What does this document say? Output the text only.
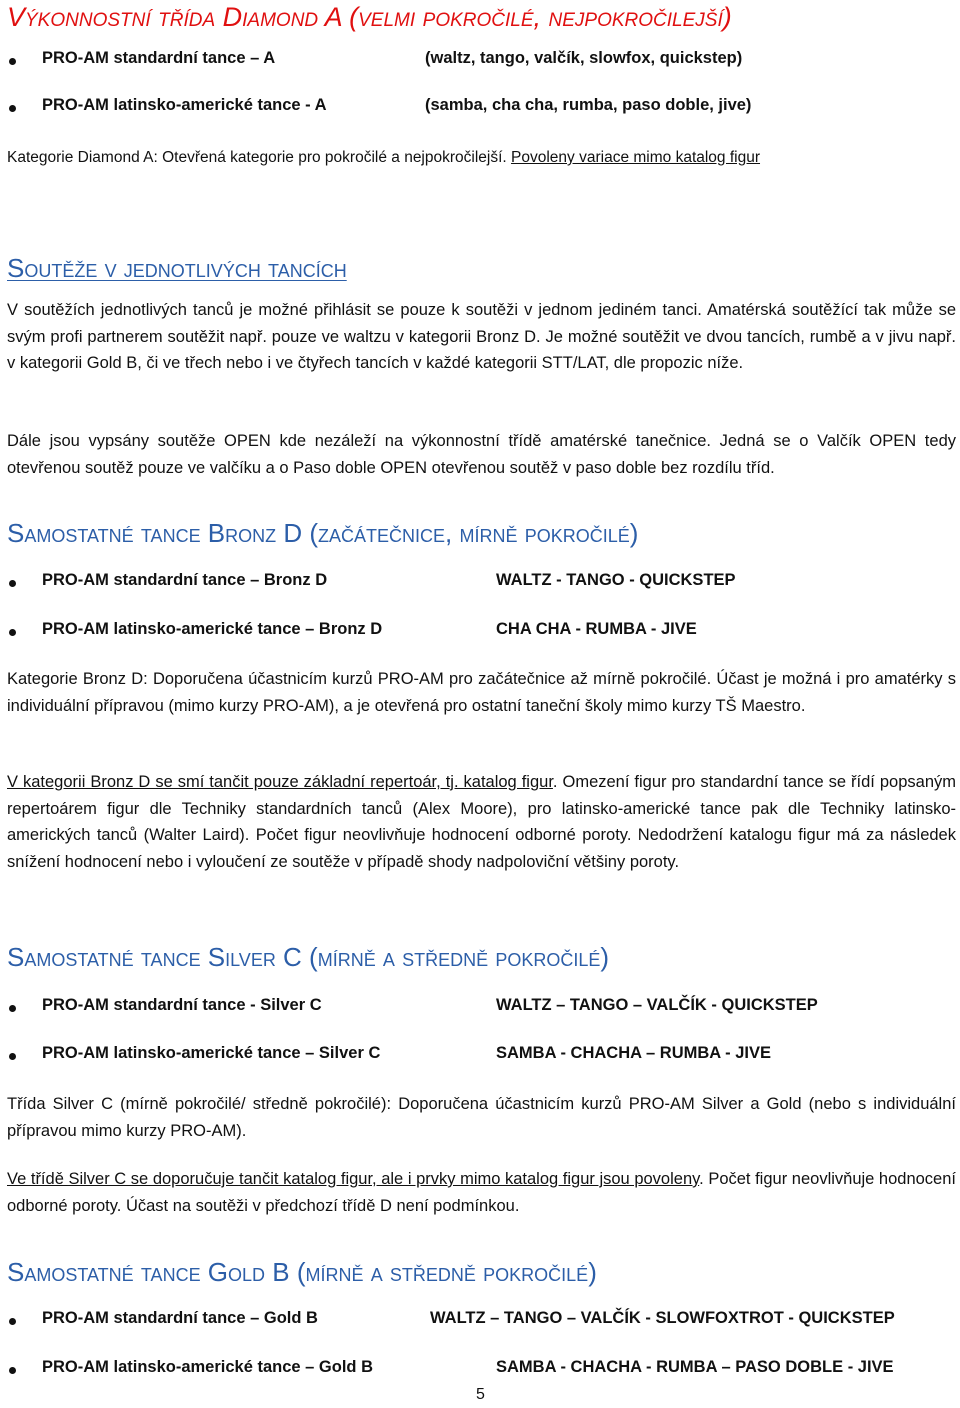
Výkonnostní třída Diamond A (velmi pokročilé, nejpokročilejší)
PRO-AM standardní tance – A	(waltz, tango, valčík, slowfox, quickstep)
PRO-AM latinsko-americké tance - A	(samba, cha cha, rumba, paso doble, jive)
Kategorie Diamond A: Otevřená kategorie pro pokročilé a nejpokročilejší. Povoleny variace mimo katalog figur
Soutěže v jednotlivých tancích
V soutěžích jednotlivých tanců je možné přihlásit se pouze k soutěži v jednom jediném tanci. Amatérská soutěžící tak může se svým profi partnerem soutěžit např. pouze ve waltzu v kategorii Bronz D. Je možné soutěžit ve dvou tancích, rumbě a v jivu např. v kategorii Gold B, či ve třech nebo i ve čtyřech tancích v každé kategorii STT/LAT, dle propozic níže.
Dále jsou vypsány soutěže OPEN kde nezáleží na výkonnostní třídě amatérské tanečnice. Jedná se o Valčík OPEN tedy otevřenou soutěž pouze ve valčíku a o Paso doble OPEN otevřenou soutěž v paso doble bez rozdílu tříd.
Samostatné tance Bronz D (začátečnice, mírně pokročilé)
PRO-AM standardní tance – Bronz D	WALTZ - TANGO - QUICKSTEP
PRO-AM latinsko-americké tance – Bronz D	CHA CHA - RUMBA - JIVE
Kategorie Bronz D: Doporučena účastnicím kurzů PRO-AM pro začátečnice až mírně pokročilé. Účast je možná i pro amatérky s individuální přípravou (mimo kurzy PRO-AM), a je otevřená pro ostatní taneční školy mimo kurzy TŠ Maestro.
V kategorii Bronz D se smí tančit pouze základní repertoár, tj. katalog figur. Omezení figur pro standardní tance se řídí popsaným repertoárem figur dle Techniky standardních tanců (Alex Moore), pro latinsko-americké tance pak dle Techniky latinsko-amerických tanců (Walter Laird). Počet figur neovlivňuje hodnocení odborné poroty. Nedodržení katalogu figur má za následek snížení hodnocení nebo i vyloučení ze soutěže v případě shody nadpoloviční většiny poroty.
Samostatné tance Silver C (mírně a středně pokročilé)
PRO-AM standardní tance - Silver C	WALTZ – TANGO – VALČÍK - QUICKSTEP
PRO-AM latinsko-americké tance – Silver C	SAMBA - CHACHA – RUMBA - JIVE
Třída Silver C (mírně pokročilé/ středně pokročilé): Doporučena účastnicím kurzů PRO-AM Silver a Gold (nebo s individuální přípravou mimo kurzy PRO-AM).
Ve třídě Silver C se doporučuje tančit katalog figur, ale i prvky mimo katalog figur jsou povoleny. Počet figur neovlivňuje hodnocení odborné poroty. Účast na soutěži v předchozí třídě D není podmínkou.
Samostatné tance Gold B (mírně a středně pokročilé)
PRO-AM standardní tance – Gold B	WALTZ – TANGO – VALČÍK - SLOWFOXTROT - QUICKSTEP
PRO-AM latinsko-americké tance – Gold B	SAMBA - CHACHA - RUMBA – PASO DOBLE - JIVE
5
